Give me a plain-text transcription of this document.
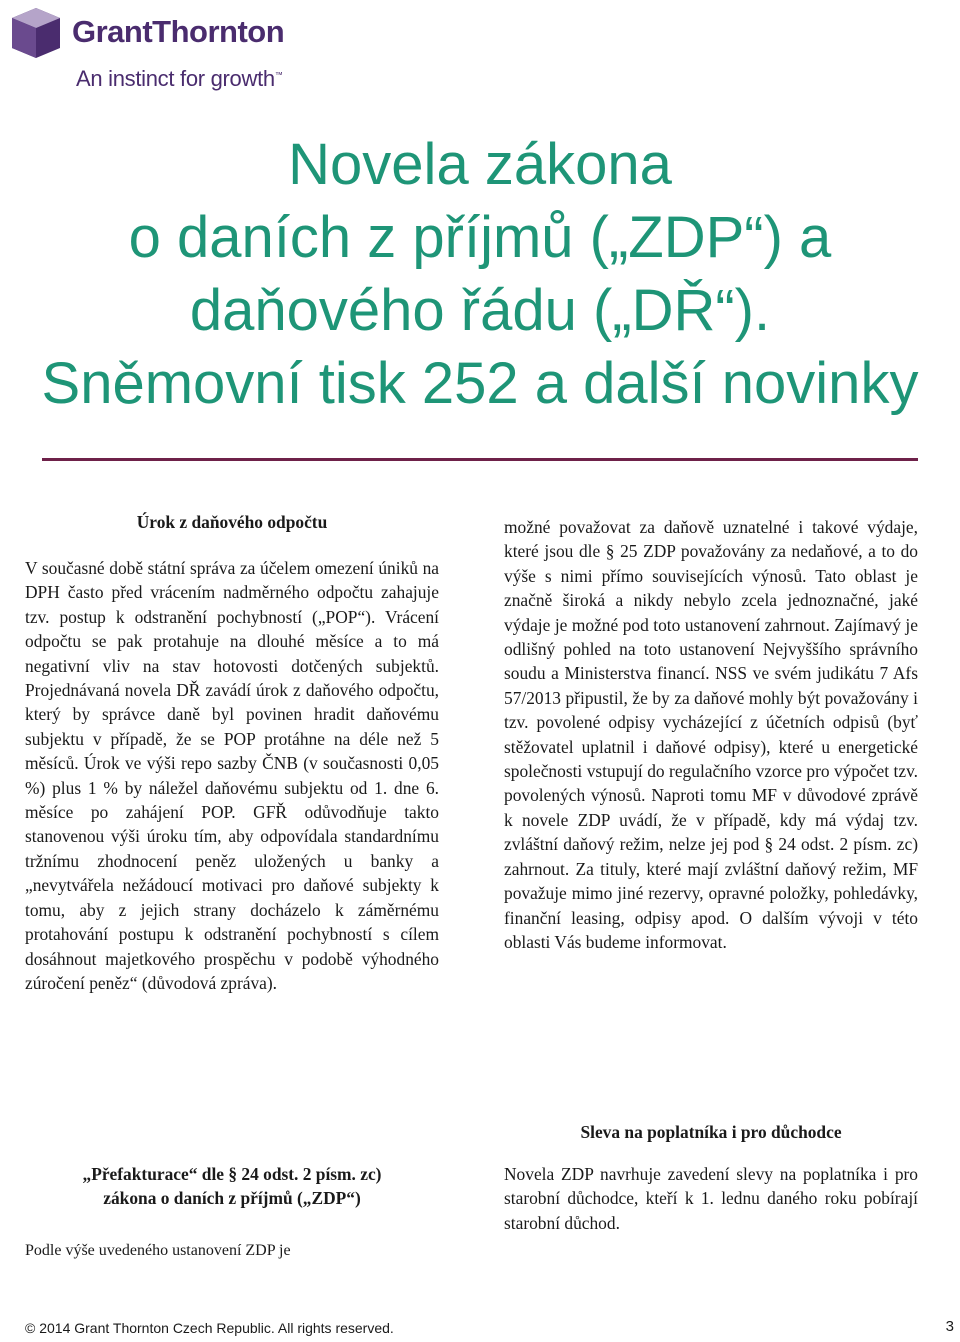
GrantThornton
An instinct for growth™
Novela zákona
o daních z příjmů („ZDP“) a
daňového řádu („DŘ“).
Sněmovní tisk 252 a další novinky

Úrok z daňového odpočtu

V současné době státní správa za účelem omezení úniků na DPH často před vrácením nadměrného odpočtu zahajuje tzv. postup k odstranění pochybností („POP“). Vrácení odpočtu se pak protahuje na dlouhé měsíce a to má negativní vliv na stav hotovosti dotčených subjektů. Projednávaná novela DŘ zavádí úrok z daňového odpočtu, který by správce daně byl povinen hradit daňovému subjektu v případě, že se POP protáhne na déle než 5 měsíců. Úrok ve výši repo sazby ČNB (v současnosti 0,05 %) plus 1 % by náležel daňovému subjektu od 1. dne 6. měsíce po zahájení POP. GFŘ odůvodňuje takto stanovenou výši úroku tím, aby odpovídala standardnímu tržnímu zhodnocení peněz uložených u banky a „nevytvářela nežádoucí motivaci pro daňové subjekty k tomu, aby z jejich strany docházelo k záměrnému protahování postupu k odstranění pochybností s cílem dosáhnout majetkového prospěchu v podobě výhodného zúročení peněz“ (důvodová zpráva).

„Přefakturace“ dle § 24 odst. 2 písm. zc)
zákona o daních z příjmů („ZDP“)

Podle výše uvedeného ustanovení ZDP je

možné považovat za daňově uznatelné i takové výdaje, které jsou dle § 25 ZDP považovány za nedaňové, a to do výše s nimi přímo souvisejících výnosů. Tato oblast je značně široká a nikdy nebylo zcela jednoznačné, jaké výdaje je možné pod toto ustanovení zahrnout. Zajímavý je odlišný pohled na toto ustanovení Nejvyššího správního soudu a Ministerstva financí. NSS ve svém judikátu 7 Afs 57/2013 připustil, že by za daňové mohly být považovány i tzv. povolené odpisy vycházející z účetních odpisů (byť stěžovatel uplatnil i daňové odpisy), které u energetické společnosti vstupují do regulačního vzorce pro výpočet tzv. povolených výnosů. Naproti tomu MF v důvodové zprávě k novele ZDP uvádí, že v případě, kdy má výdaj tzv. zvláštní daňový režim, nelze jej pod § 24 odst. 2 písm. zc) zahrnout. Za tituly, které mají zvláštní daňový režim, MF považuje mimo jiné rezervy, opravné položky, pohledávky, finanční leasing, odpisy apod. O dalším vývoji v této oblasti Vás budeme informovat.

Sleva na poplatníka i pro důchodce

Novela ZDP navrhuje zavedení slevy na poplatníka i pro starobní důchodce, kteří k 1. lednu daného roku pobírají starobní důchod.

© 2014 Grant Thornton Czech Republic. All rights reserved.	3
